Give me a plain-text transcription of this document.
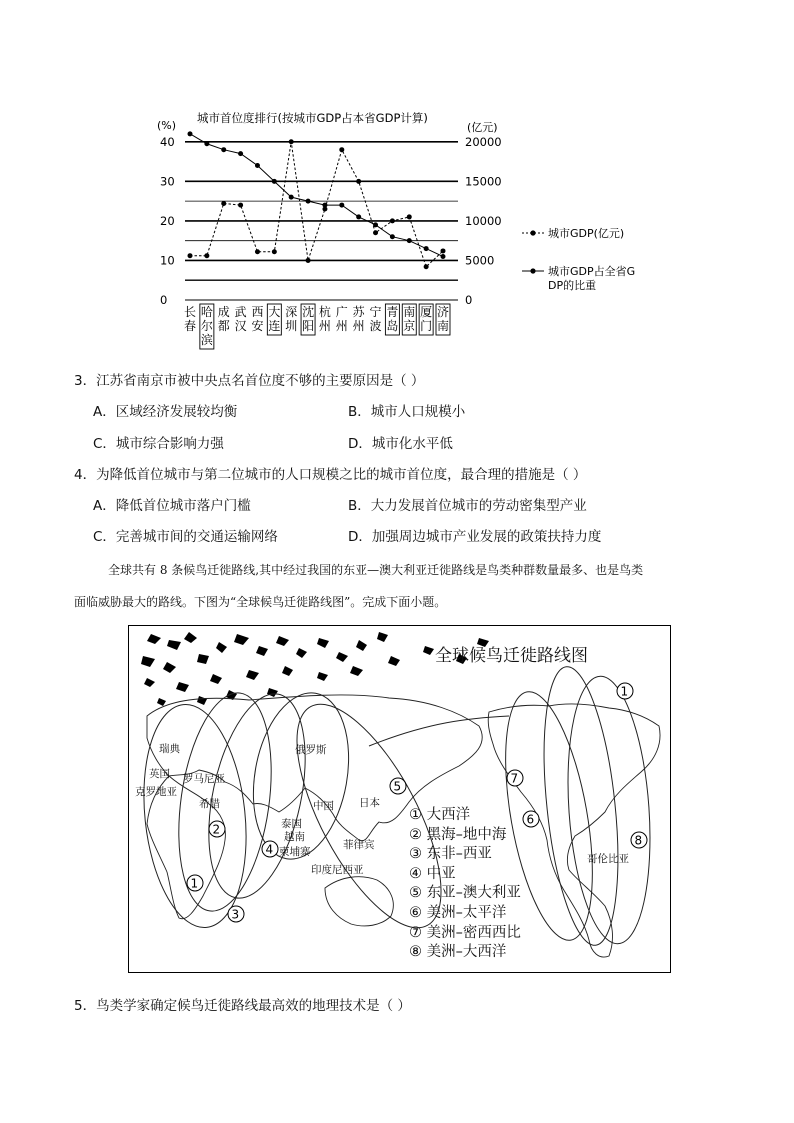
城市首位度排行(按城市GDP占本省GDP计算)
(%)	(亿元)
0
10
20
30
40
0
5000
10000
15000
20000
长
春
哈
尔
滨
成
都
武
汉
西
安
大
连
深
圳
沈
阳
杭
州
广
州
苏
州
宁
波
青
岛
南
京
厦
门
济
南
城市GDP(亿元)
城市GDP占全省G DP的比重
3．江苏省南京市被中央点名首位度不够的主要原因是（ ）
A．区域经济发展较均衡	B．城市人口规模小
C．城市综合影响力强	D．城市化水平低
4．为降低首位城市与第二位城市的人口规模之比的城市首位度，最合理的措施是（ ）
A．降低首位城市落户门槛	B．大力发展首位城市的劳动密集型产业
C．完善城市间的交通运输网络	D．加强周边城市产业发展的政策扶持力度
全球共有 8 条候鸟迁徙路线,其中经过我国的东亚—澳大利亚迁徙路线是鸟类种群数量最多、也是鸟类
面临威胁最大的路线。下图为“全球候鸟迁徙路线图”。完成下面小题。
1
2
3
4
5
6
7
8
1
全球候鸟迁徙路线图
瑞典
英国 罗马尼亚
克罗地亚
希腊
俄罗斯
中国 日本
泰国
越南
柬埔寨
菲律宾
印度尼西亚
哥伦比亚
① 大西洋
② 黑海–地中海
③ 东非–西亚
④ 中亚
⑤ 东亚–澳大利亚
⑥ 美洲–太平洋
⑦ 美洲–密西西比
⑧ 美洲–大西洋
5．鸟类学家确定候鸟迁徙路线最高效的地理技术是（ ）
